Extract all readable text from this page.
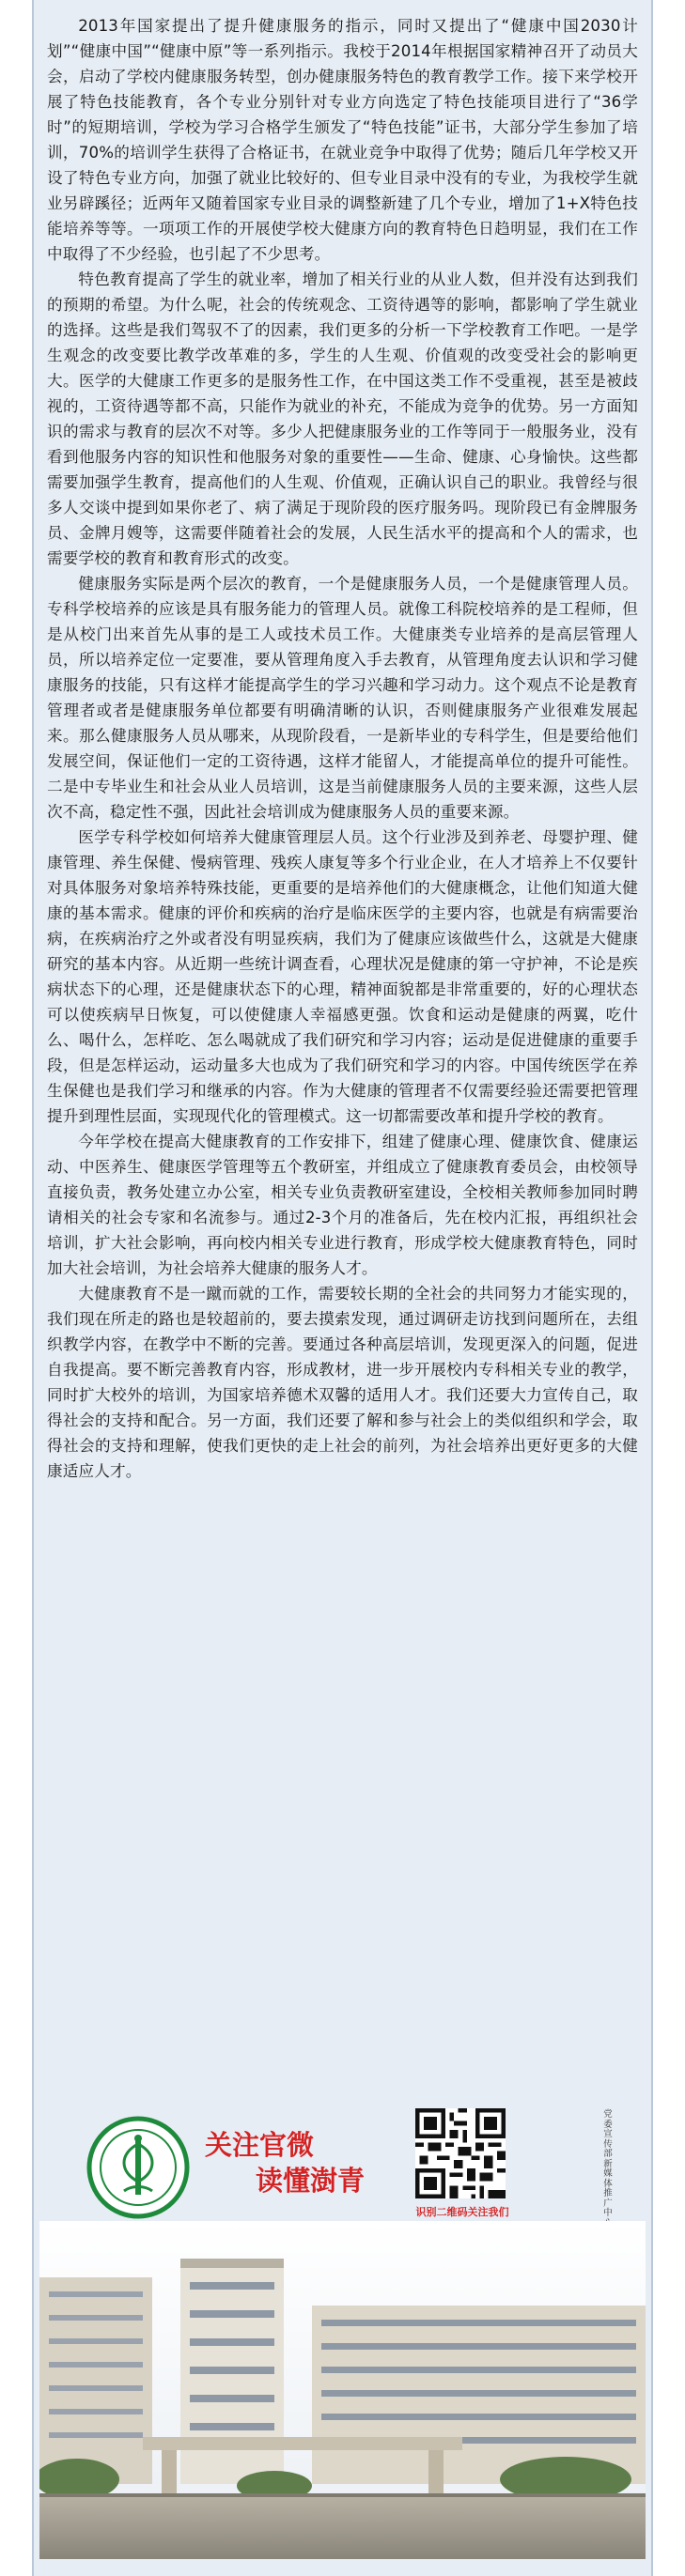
2013年国家提出了提升健康服务的指示，同时又提出了“健康中国2030计划”“健康中国”“健康中原”等一系列指示。我校于2014年根据国家精神召开了动员大会，启动了学校内健康服务转型，创办健康服务特色的教育教学工作。接下来学校开展了特色技能教育，各个专业分别针对专业方向选定了特色技能项目进行了“36学时”的短期培训，学校为学习合格学生颁发了“特色技能”证书，大部分学生参加了培训，70%的培训学生获得了合格证书，在就业竞争中取得了优势；随后几年学校又开设了特色专业方向，加强了就业比较好的、但专业目录中没有的专业，为我校学生就业另辟蹊径；近两年又随着国家专业目录的调整新建了几个专业，增加了1+X特色技能培养等等。一项项工作的开展使学校大健康方向的教育特色日趋明显，我们在工作中取得了不少经验，也引起了不少思考。

特色教育提高了学生的就业率，增加了相关行业的从业人数，但并没有达到我们的预期的希望。为什么呢，社会的传统观念、工资待遇等的影响，都影响了学生就业的选择。这些是我们驾驭不了的因素，我们更多的分析一下学校教育工作吧。一是学生观念的改变要比教学改革难的多，学生的人生观、价值观的改变受社会的影响更大。医学的大健康工作更多的是服务性工作，在中国这类工作不受重视，甚至是被歧视的，工资待遇等都不高，只能作为就业的补充，不能成为竞争的优势。另一方面知识的需求与教育的层次不对等。多少人把健康服务业的工作等同于一般服务业，没有看到他服务内容的知识性和他服务对象的重要性——生命、健康、心身愉快。这些都需要加强学生教育，提高他们的人生观、价值观，正确认识自己的职业。我曾经与很多人交谈中提到如果你老了、病了满足于现阶段的医疗服务吗。现阶段已有金牌服务员、金牌月嫂等，这需要伴随着社会的发展，人民生活水平的提高和个人的需求，也需要学校的教育和教育形式的改变。

健康服务实际是两个层次的教育，一个是健康服务人员，一个是健康管理人员。专科学校培养的应该是具有服务能力的管理人员。就像工科院校培养的是工程师，但是从校门出来首先从事的是工人或技术员工作。大健康类专业培养的是高层管理人员，所以培养定位一定要准，要从管理角度入手去教育，从管理角度去认识和学习健康服务的技能，只有这样才能提高学生的学习兴趣和学习动力。这个观点不论是教育管理者或者是健康服务单位都要有明确清晰的认识，否则健康服务产业很难发展起来。那么健康服务人员从哪来，从现阶段看，一是新毕业的专科学生，但是要给他们发展空间，保证他们一定的工资待遇，这样才能留人，才能提高单位的提升可能性。二是中专毕业生和社会从业人员培训，这是当前健康服务人员的主要来源，这些人层次不高，稳定性不强，因此社会培训成为健康服务人员的重要来源。

医学专科学校如何培养大健康管理层人员。这个行业涉及到养老、母婴护理、健康管理、养生保健、慢病管理、残疾人康复等多个行业企业，在人才培养上不仅要针对具体服务对象培养特殊技能，更重要的是培养他们的大健康概念，让他们知道大健康的基本需求。健康的评价和疾病的治疗是临床医学的主要内容，也就是有病需要治病，在疾病治疗之外或者没有明显疾病，我们为了健康应该做些什么，这就是大健康研究的基本内容。从近期一些统计调查看，心理状况是健康的第一守护神，不论是疾病状态下的心理，还是健康状态下的心理，精神面貌都是非常重要的，好的心理状态可以使疾病早日恢复，可以使健康人幸福感更强。饮食和运动是健康的两翼，吃什么、喝什么，怎样吃、怎么喝就成了我们研究和学习内容；运动是促进健康的重要手段，但是怎样运动，运动量多大也成为了我们研究和学习的内容。中国传统医学在养生保健也是我们学习和继承的内容。作为大健康的管理者不仅需要经验还需要把管理提升到理性层面，实现现代化的管理模式。这一切都需要改革和提升学校的教育。

今年学校在提高大健康教育的工作安排下，组建了健康心理、健康饮食、健康运动、中医养生、健康医学管理等五个教研室，并组成立了健康教育委员会，由校领导直接负责，教务处建立办公室，相关专业负责教研室建设，全校相关教师参加同时聘请相关的社会专家和名流参与。通过2-3个月的准备后，先在校内汇报，再组织社会培训，扩大社会影响，再向校内相关专业进行教育，形成学校大健康教育特色，同时加大社会培训，为社会培养大健康的服务人才。

大健康教育不是一蹴而就的工作，需要较长期的全社会的共同努力才能实现的，我们现在所走的路也是较超前的，要去摸索发现，通过调研走访找到问题所在，去组织教学内容，在教学中不断的完善。要通过各种高层培训，发现更深入的问题，促进自我提高。要不断完善教育内容，形成教材，进一步开展校内专科相关专业的教学，同时扩大校外的培训，为国家培养德术双馨的适用人才。我们还要大力宣传自己，取得社会的支持和配合。另一方面，我们还要了解和参与社会上的类似组织和学会，取得社会的支持和理解，使我们更快的走上社会的前列，为社会培养出更好更多的大健康适应人才。

关注官微
读懂澍青
识别二维码关注我们
党委宣传部新媒体推广中
